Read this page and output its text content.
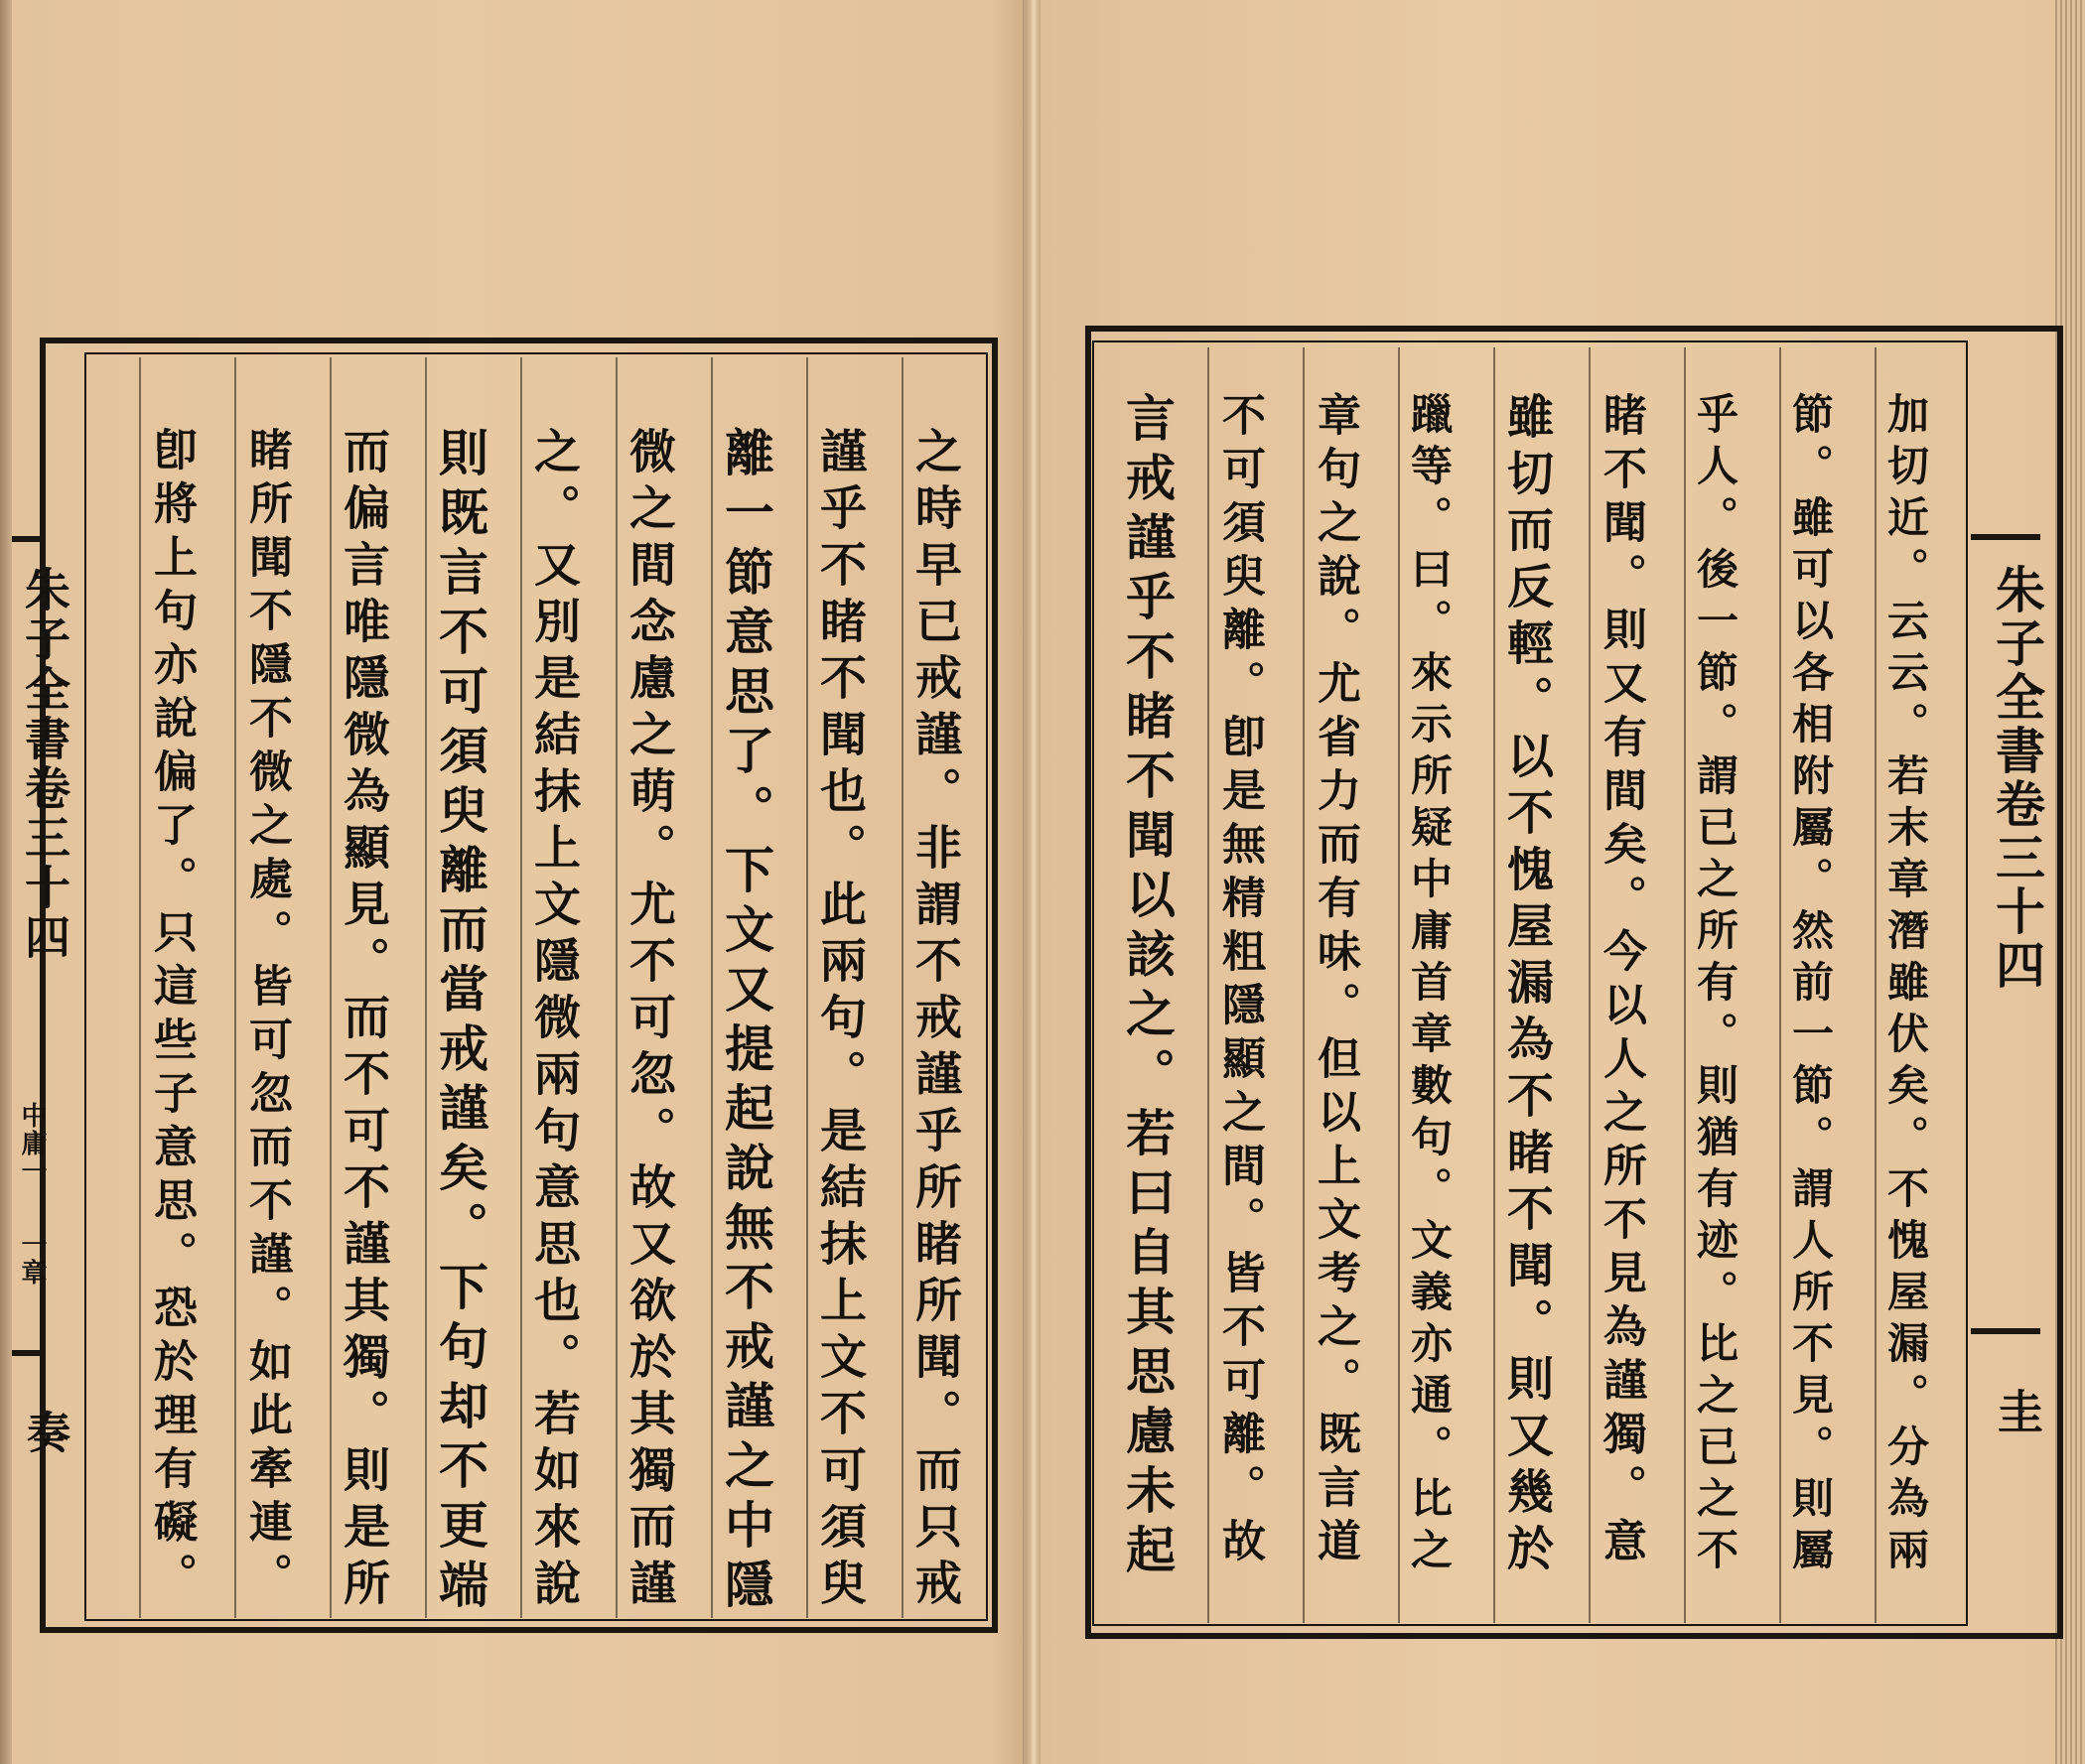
朱子全書卷三十四
中庸一
一章
奏	之時早已戒謹。非謂不戒謹乎所睹所聞。而只戒

謹乎不睹不聞也。此兩句。是結抹上文不可須臾

離一節意思了。下文又提起說無不戒謹之中隱

微之間念慮之萌。尤不可忽。故又欲於其獨而謹

之。又別是結抹上文隱微兩句意思也。若如來說

則既言不可須臾離而當戒謹矣。下句却不更端

而偏言唯隱微為顯見。而不可不謹其獨。則是所

睹所聞不隱不微之處。皆可忽而不謹。如此牽連。

卽將上句亦說偏了。只這些子意思。恐於理有礙。	朱子全書卷三十四
圭

加切近。云云。若末章潛雖伏矣。不愧屋漏。分為兩

節。雖可以各相附屬。然前一節。謂人所不見。則屬

乎人。後一節。謂已之所有。則猶有迹。比之已之不

睹不聞。則又有間矣。今以人之所不見為謹獨。意

雖切而反輕。以不愧屋漏為不睹不聞。則又幾於

躐等。曰。來示所疑中庸首章數句。文義亦通。比之

章句之說。尤省力而有味。但以上文考之。既言道

不可須臾離。卽是無精粗隱顯之間。皆不可離。故

言戒謹乎不睹不聞以該之。若曰自其思慮未起
